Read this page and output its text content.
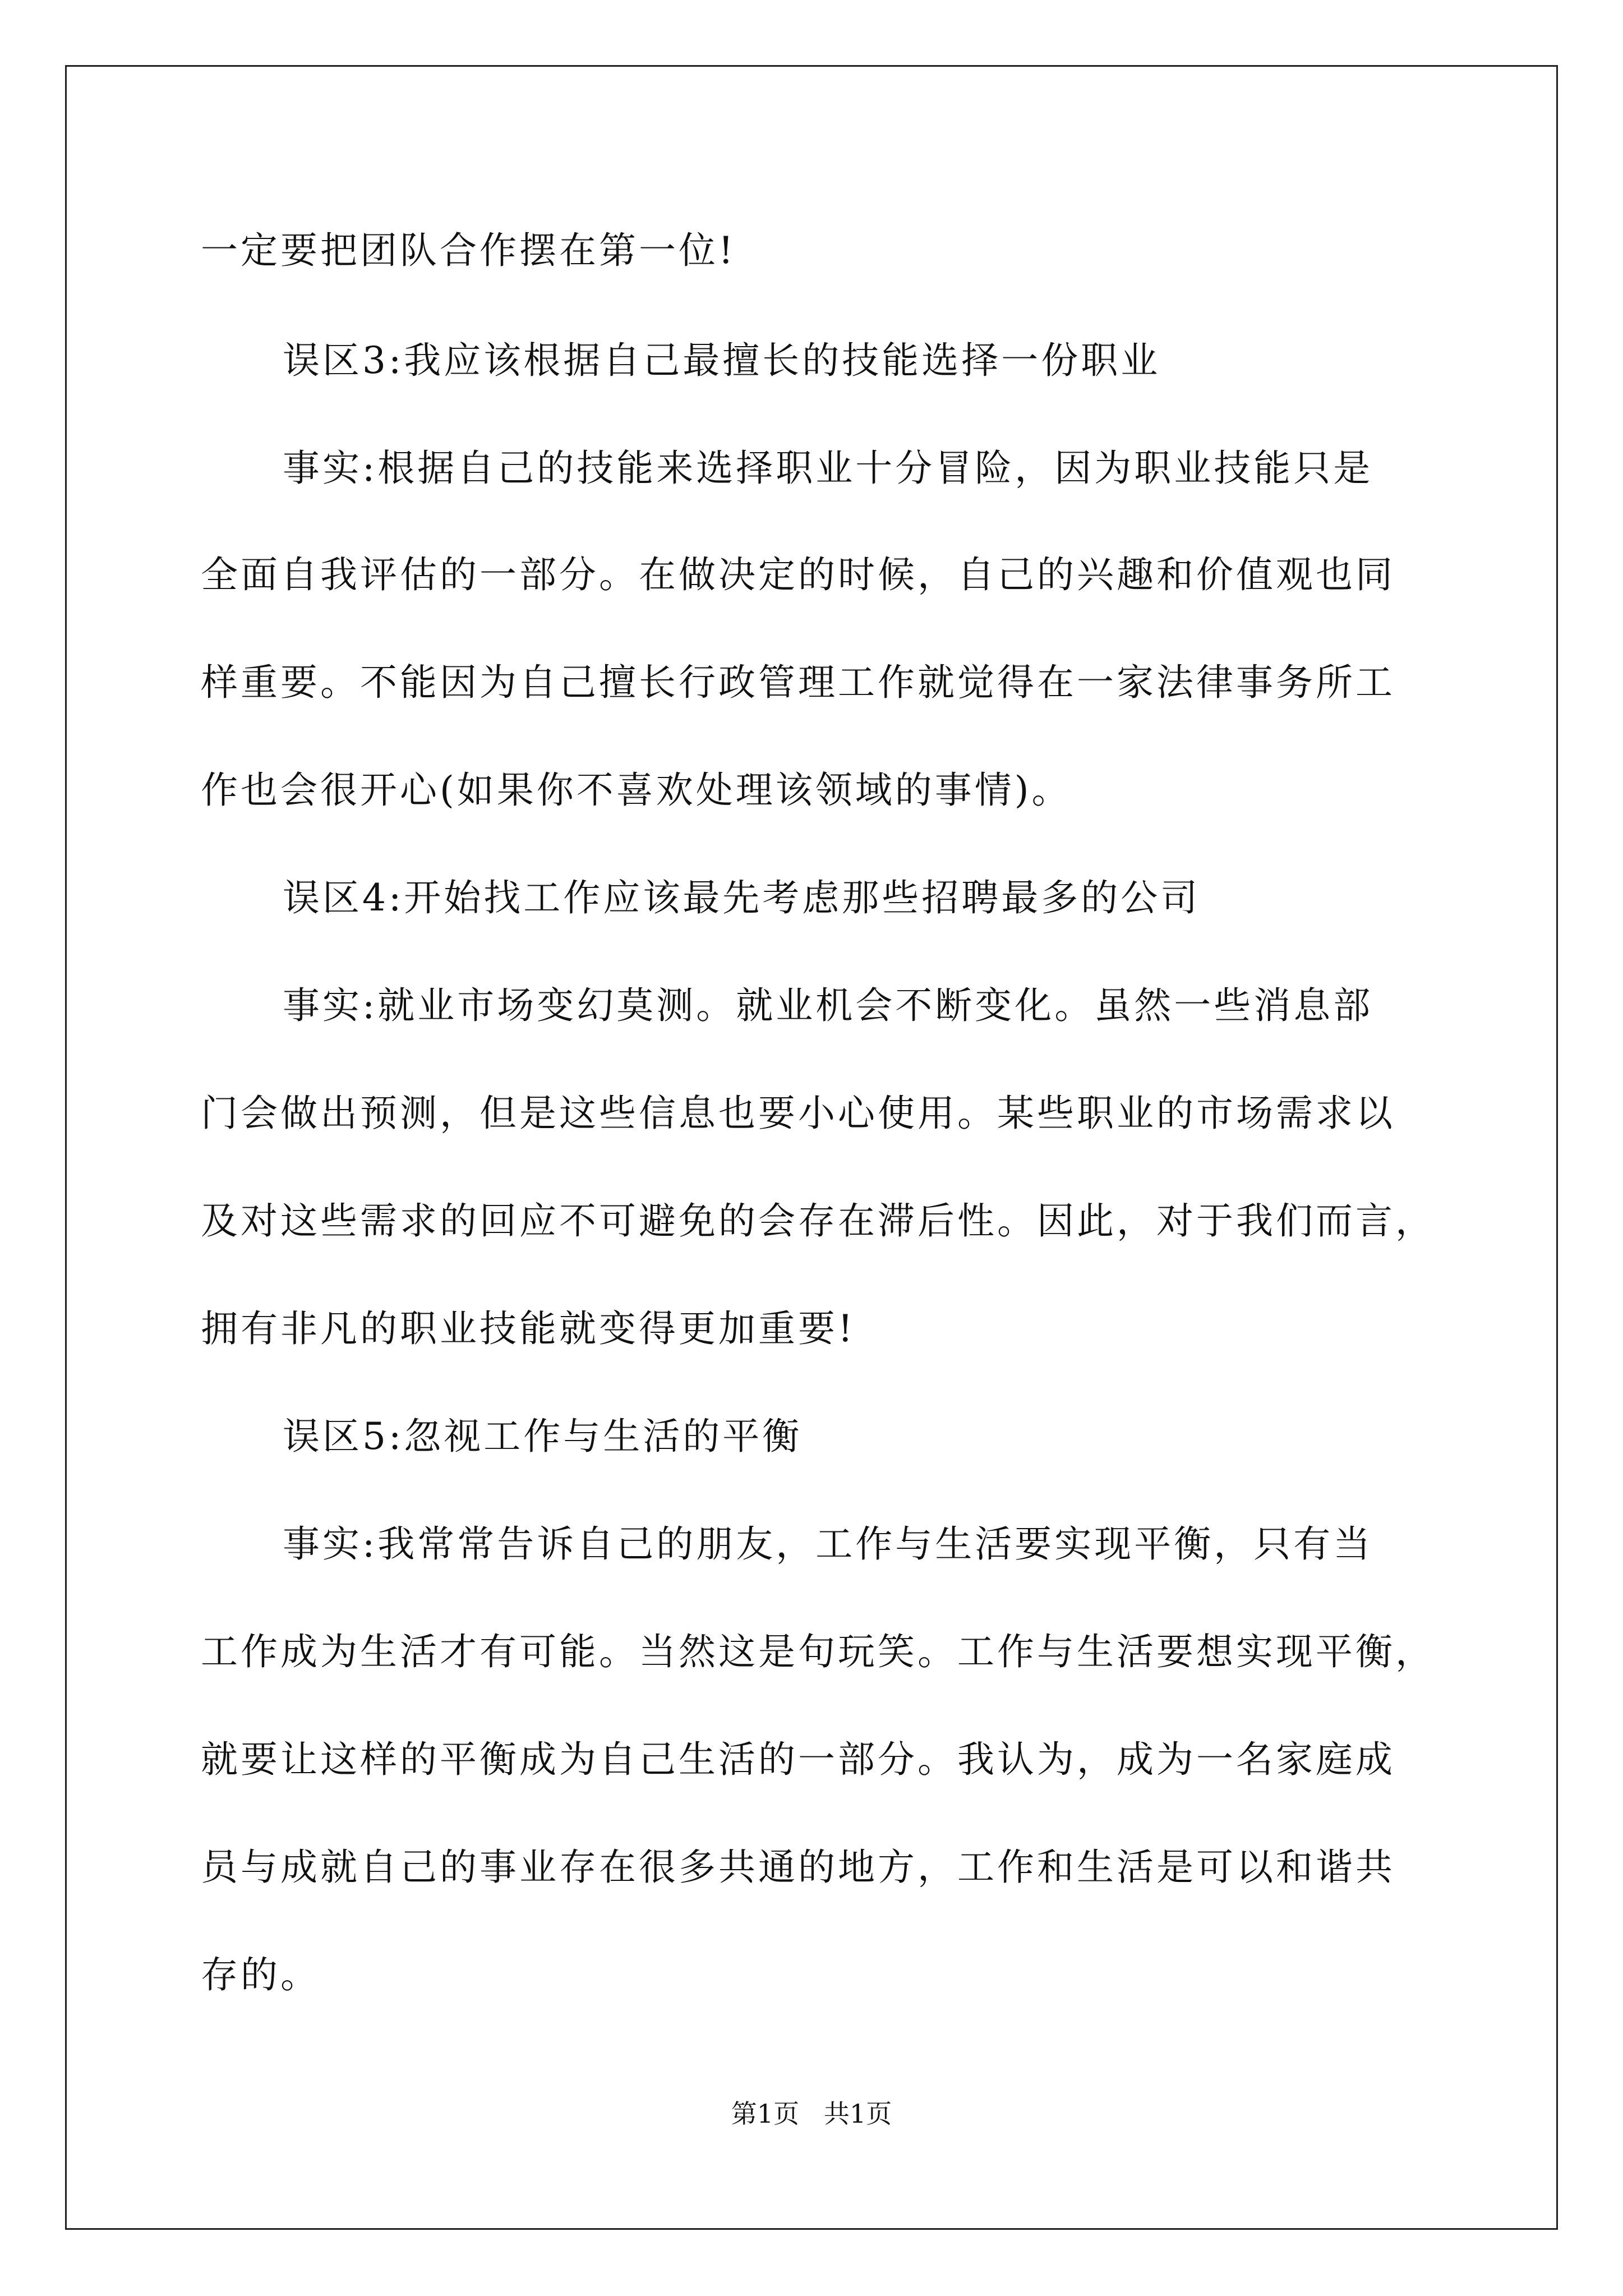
一定要把团队合作摆在第一位!
误区3:我应该根据自己最擅长的技能选择一份职业
事实:根据自己的技能来选择职业十分冒险，因为职业技能只是
全面自我评估的一部分。在做决定的时候，自己的兴趣和价值观也同
样重要。不能因为自己擅长行政管理工作就觉得在一家法律事务所工
作也会很开心(如果你不喜欢处理该领域的事情)。
误区4:开始找工作应该最先考虑那些招聘最多的公司
事实:就业市场变幻莫测。就业机会不断变化。虽然一些消息部
门会做出预测，但是这些信息也要小心使用。某些职业的市场需求以
及对这些需求的回应不可避免的会存在滞后性。因此，对于我们而言，
拥有非凡的职业技能就变得更加重要!
误区5:忽视工作与生活的平衡
事实:我常常告诉自己的朋友，工作与生活要实现平衡，只有当
工作成为生活才有可能。当然这是句玩笑。工作与生活要想实现平衡，
就要让这样的平衡成为自己生活的一部分。我认为，成为一名家庭成
员与成就自己的事业存在很多共通的地方，工作和生活是可以和谐共
存的。
第1页   共1页
